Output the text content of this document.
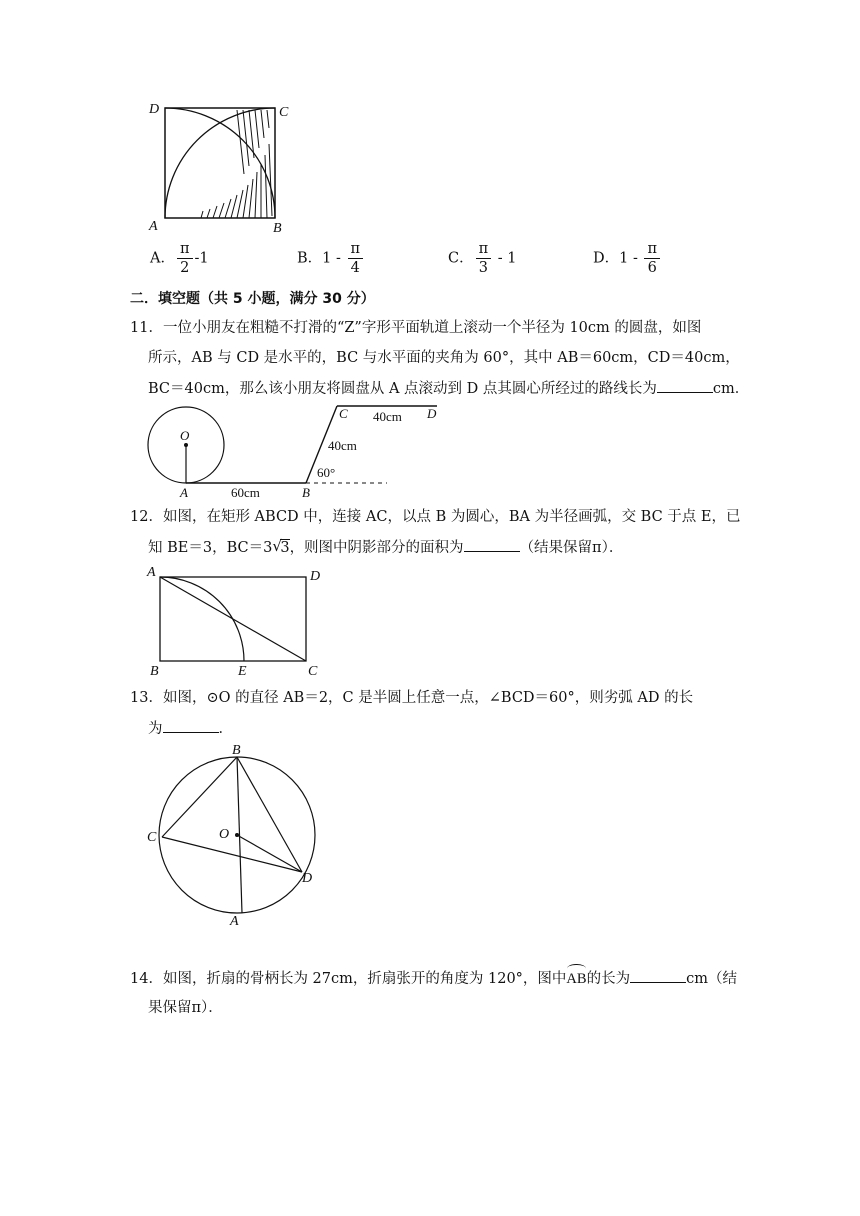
D	C
A	B
A． $\frac{\pi}{2} -1$	B．$1 - \frac{\pi}{4}$	C． $\frac{\pi}{3} - 1$	D．$1 - \frac{\pi}{6}$
二．填空题（共 5 小题，满分 30 分）
11．一位小朋友在粗糙不打滑的“Z”字形平面轨道上滚动一个半径为 10cm 的圆盘，如图
所示，AB 与 CD 是水平的，BC 与水平面的夹角为 60°，其中 AB＝60cm，CD＝40cm，
BC＝40cm，那么该小朋友将圆盘从 A 点滚动到 D 点其圆心所经过的路线长为	cm．
O
A	B
C	D
60cm
40cm
40cm
60°
12．如图，在矩形 ABCD 中，连接 AC，以点 B 为圆心，BA 为半径画弧，交 BC 于点 E，已
知 BE＝3，BC＝3 √
3，则图中阴影部分的面积为	（结果保留π）．
A	D
B	E	C
13．如图，⊙O 的直径 AB＝2，C 是半圆上任意一点，∠BCD＝60°，则劣弧 AD 的长
为	．
B
C	O
D
A
14．如图，折扇的骨柄长为 27cm，折扇张开的角度为 120°，图中
AB的长为	cm（结
果保留π）．
